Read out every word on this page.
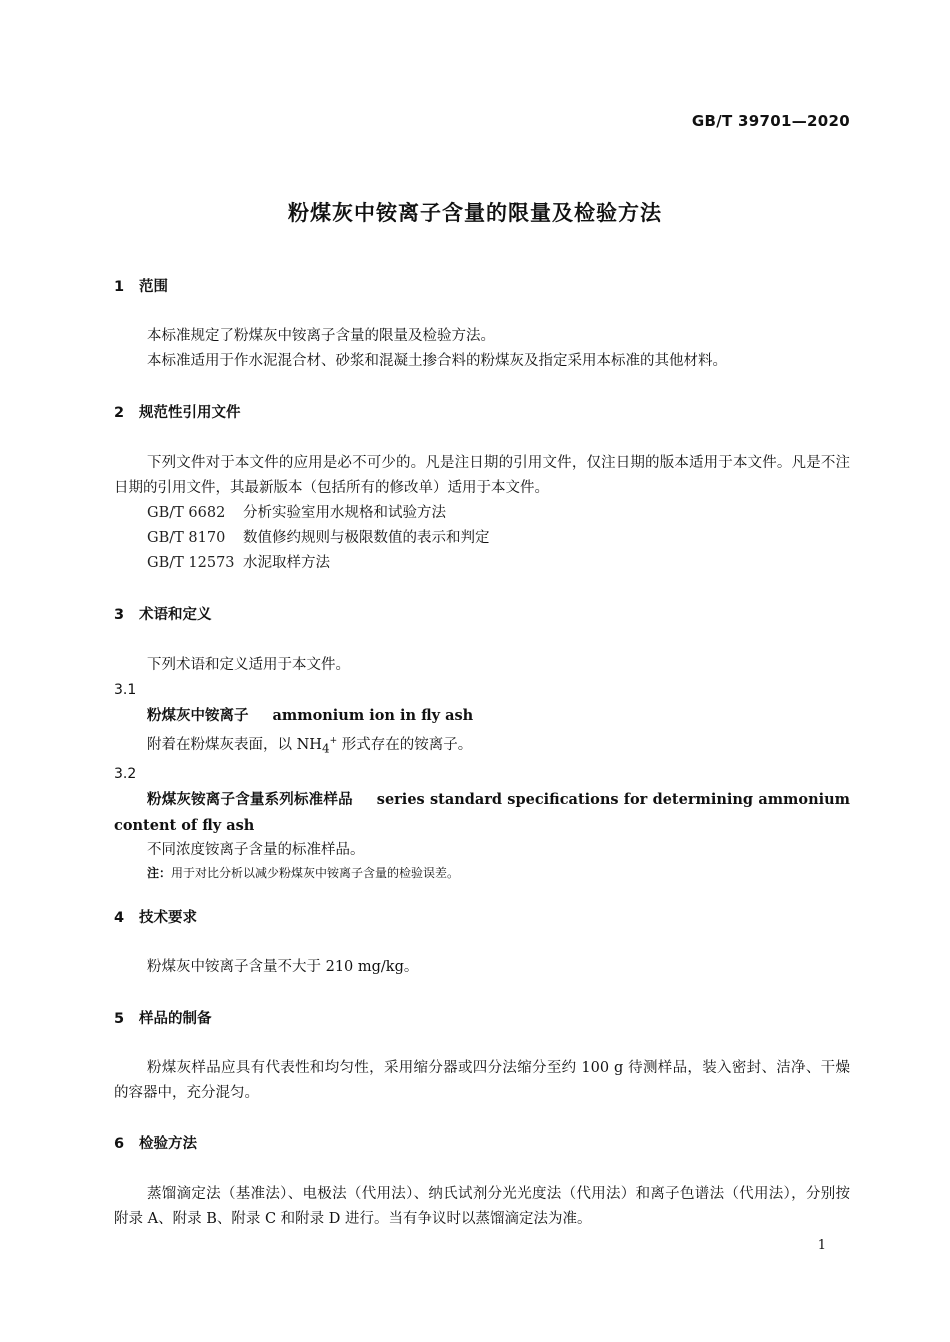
GB/T 39701—2020
粉煤灰中铵离子含量的限量及检验方法
1 范围
本标准规定了粉煤灰中铵离子含量的限量及检验方法。
本标准适用于作水泥混合材、砂浆和混凝土掺合料的粉煤灰及指定采用本标准的其他材料。
2 规范性引用文件
下列文件对于本文件的应用是必不可少的。凡是注日期的引用文件，仅注日期的版本适用于本文件。凡是不注日期的引用文件，其最新版本（包括所有的修改单）适用于本文件。
GB/T 6682 分析实验室用水规格和试验方法
GB/T 8170 数值修约规则与极限数值的表示和判定
GB/T 12573 水泥取样方法
3 术语和定义
下列术语和定义适用于本文件。
3.1
粉煤灰中铵离子 ammonium ion in fly ash
附着在粉煤灰表面，以 $NH_4^+$ 形式存在的铵离子。
3.2
粉煤灰铵离子含量系列标准样品 series standard specifications for determining ammonium content of fly ash
不同浓度铵离子含量的标准样品。
注：用于对比分析以减少粉煤灰中铵离子含量的检验误差。
4 技术要求
粉煤灰中铵离子含量不大于 210 mg/kg。
5 样品的制备
粉煤灰样品应具有代表性和均匀性，采用缩分器或四分法缩分至约 100 g 待测样品，装入密封、洁净、干燥的容器中，充分混匀。
6 检验方法
蒸馏滴定法（基准法）、电极法（代用法）、纳氏试剂分光光度法（代用法）和离子色谱法（代用法），分别按附录 A、附录 B、附录 C 和附录 D 进行。当有争议时以蒸馏滴定法为准。
1
